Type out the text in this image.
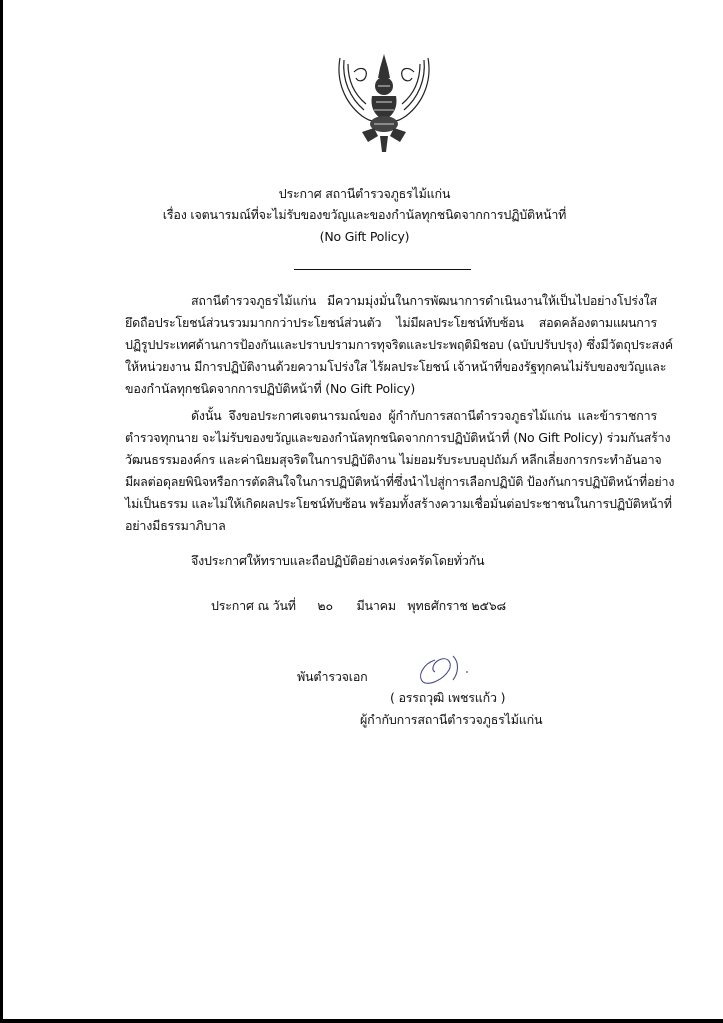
ประกาศ สถานีตำรวจภูธรไม้แก่น
เรื่อง เจตนารมณ์ที่จะไม่รับของขวัญและของกำนัลทุกชนิดจากการปฏิบัติหน้าที่
(No Gift Policy)
สถานีตำรวจภูธรไม้แก่น มีความมุ่งมั่นในการพัฒนาการดำเนินงานให้เป็นไปอย่างโปร่งใส
ยึดถือประโยชน์ส่วนรวมมากกว่าประโยชน์ส่วนตัว ไม่มีผลประโยชน์ทับซ้อน สอดคล้องตามแผนการ
ปฏิรูปประเทศด้านการป้องกันและปราบปรามการทุจริตและประพฤติมิชอบ (ฉบับปรับปรุง) ซึ่งมีวัตถุประสงค์
ให้หน่วยงาน มีการปฏิบัติงานด้วยความโปร่งใส ไร้ผลประโยชน์ เจ้าหน้าที่ของรัฐทุกคนไม่รับของขวัญและ
ของกำนัลทุกชนิดจากการปฏิบัติหน้าที่ (No Gift Policy)
ดังนั้น จึงขอประกาศเจตนารมณ์ของ ผู้กำกับการสถานีตำรวจภูธรไม้แก่น และข้าราชการ
ตำรวจทุกนาย จะไม่รับของขวัญและของกำนัลทุกชนิดจากการปฏิบัติหน้าที่ (No Gift Policy) ร่วมกันสร้าง
วัฒนธรรมองค์กร และค่านิยมสุจริตในการปฏิบัติงาน ไม่ยอมรับระบบอุปถัมภ์ หลีกเลี่ยงการกระทำอันอาจ
มีผลต่อดุลยพินิจหรือการตัดสินใจในการปฏิบัติหน้าที่ซึ่งนำไปสู่การเลือกปฏิบัติ ป้องกันการปฏิบัติหน้าที่อย่าง
ไม่เป็นธรรม และไม่ให้เกิดผลประโยชน์ทับซ้อน พร้อมทั้งสร้างความเชื่อมั่นต่อประชาชนในการปฏิบัติหน้าที่
อย่างมีธรรมาภิบาล
จึงประกาศให้ทราบและถือปฏิบัติอย่างเคร่งครัดโดยทั่วกัน
ประกาศ ณ วันที่ ๒๐ มีนาคม พุทธศักราช ๒๕๖๘
พันตำรวจเอก
( อรรถวุฒิ เพชรแก้ว )
ผู้กำกับการสถานีตำรวจภูธรไม้แก่น
